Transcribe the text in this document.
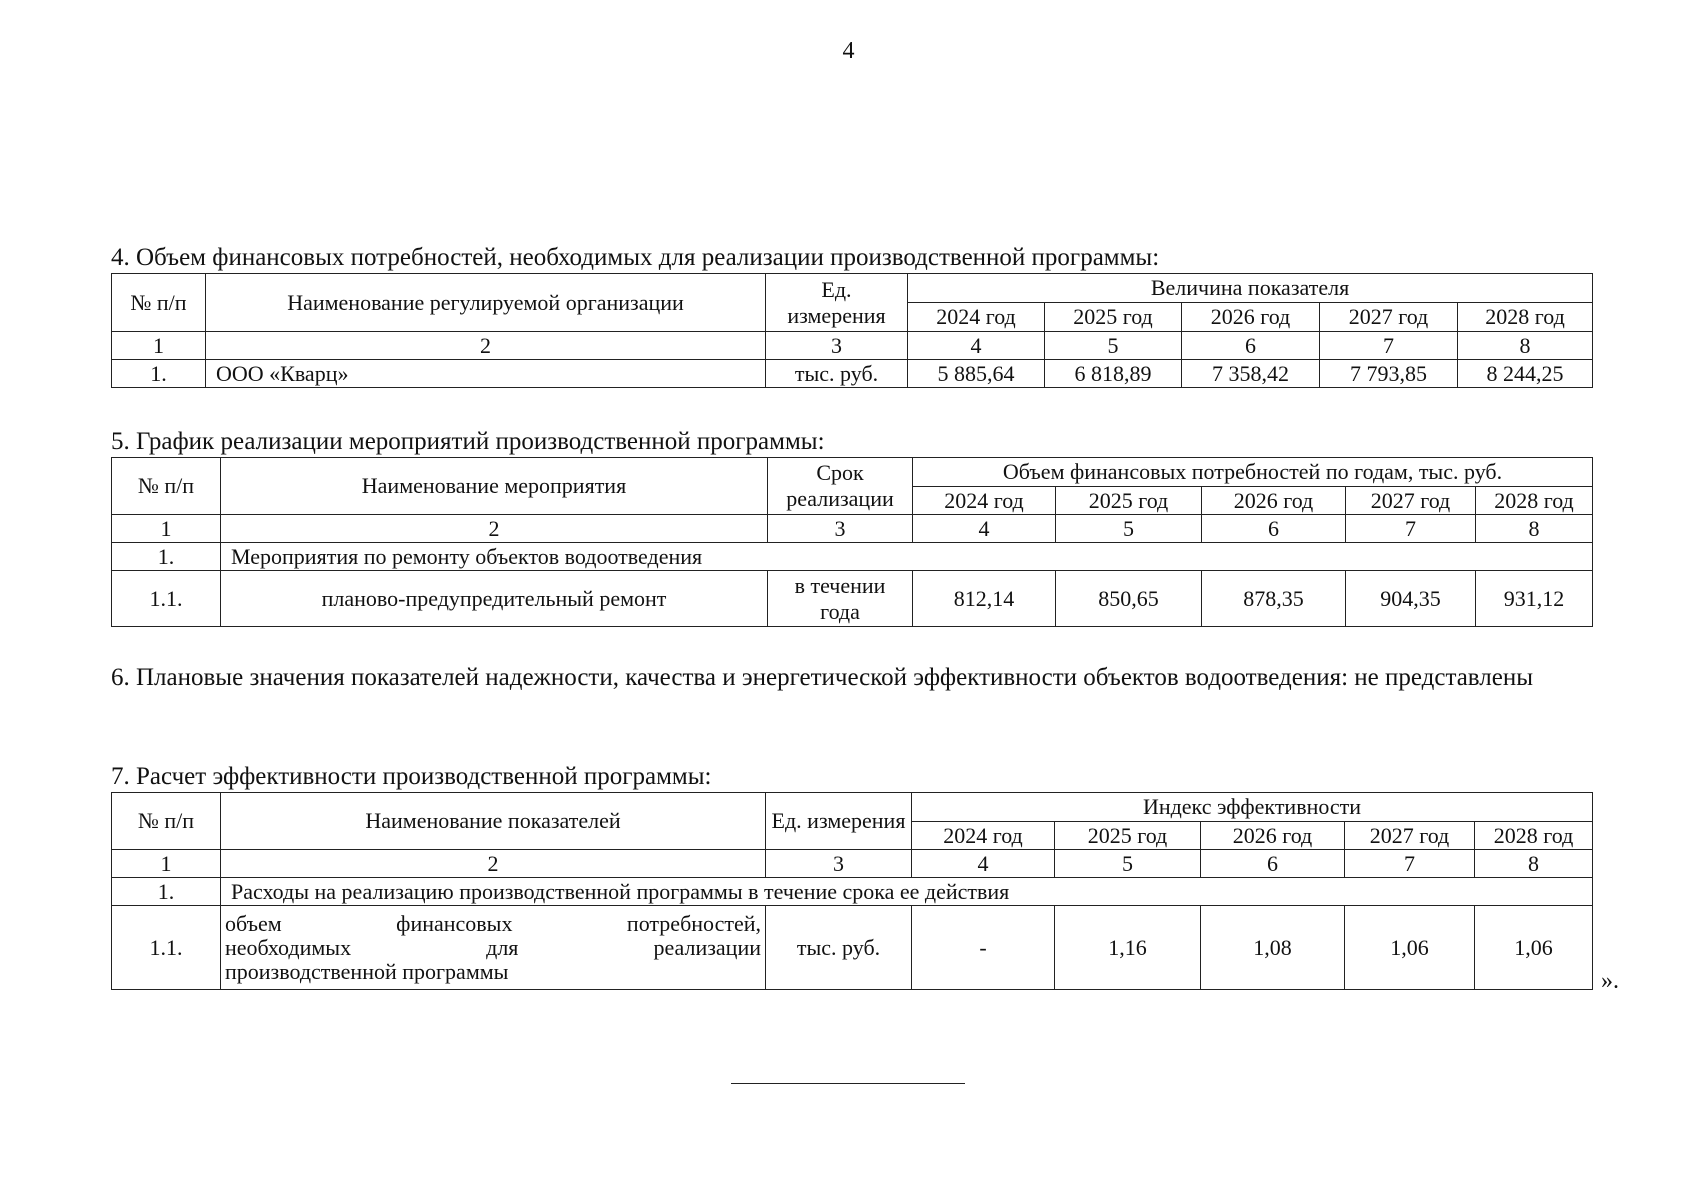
4
4. Объем финансовых потребностей, необходимых для реализации производственной программы:
№ п/п	Наименование регулируемой организации	Ед. измерения	Величина показателя				
			2024 год	2025 год	2026 год	2027 год	2028 год
1	2	3	4	5	6	7	8
1.	ООО «Кварц»	тыс. руб.	5 885,64	6 818,89	7 358,42	7 793,85	8 244,25
5. График реализации мероприятий производственной программы:
№ п/п	Наименование мероприятия	Срок реализации	Объем финансовых потребностей по годам, тыс. руб.				
			2024 год	2025 год	2026 год	2027 год	2028 год
1	2	3	4	5	6	7	8
1.	Мероприятия по ремонту объектов водоотведения						
1.1.	планово-предупредительный ремонт	в течении года	812,14	850,65	878,35	904,35	931,12
6. Плановые значения показателей надежности, качества и энергетической эффективности объектов водоотведения: не представлены
7. Расчет эффективности производственной программы:
№ п/п	Наименование показателей	Ед. измерения	Индекс эффективности				
			2024 год	2025 год	2026 год	2027 год	2028 год
1	2	3	4	5	6	7	8
1.	Расходы на реализацию производственной программы в течение срока ее действия						
1.1.	объем финансовых потребностей,
необходимых для реализации
производственной программы	тыс. руб.	-	1,16	1,08	1,06	1,06
».
